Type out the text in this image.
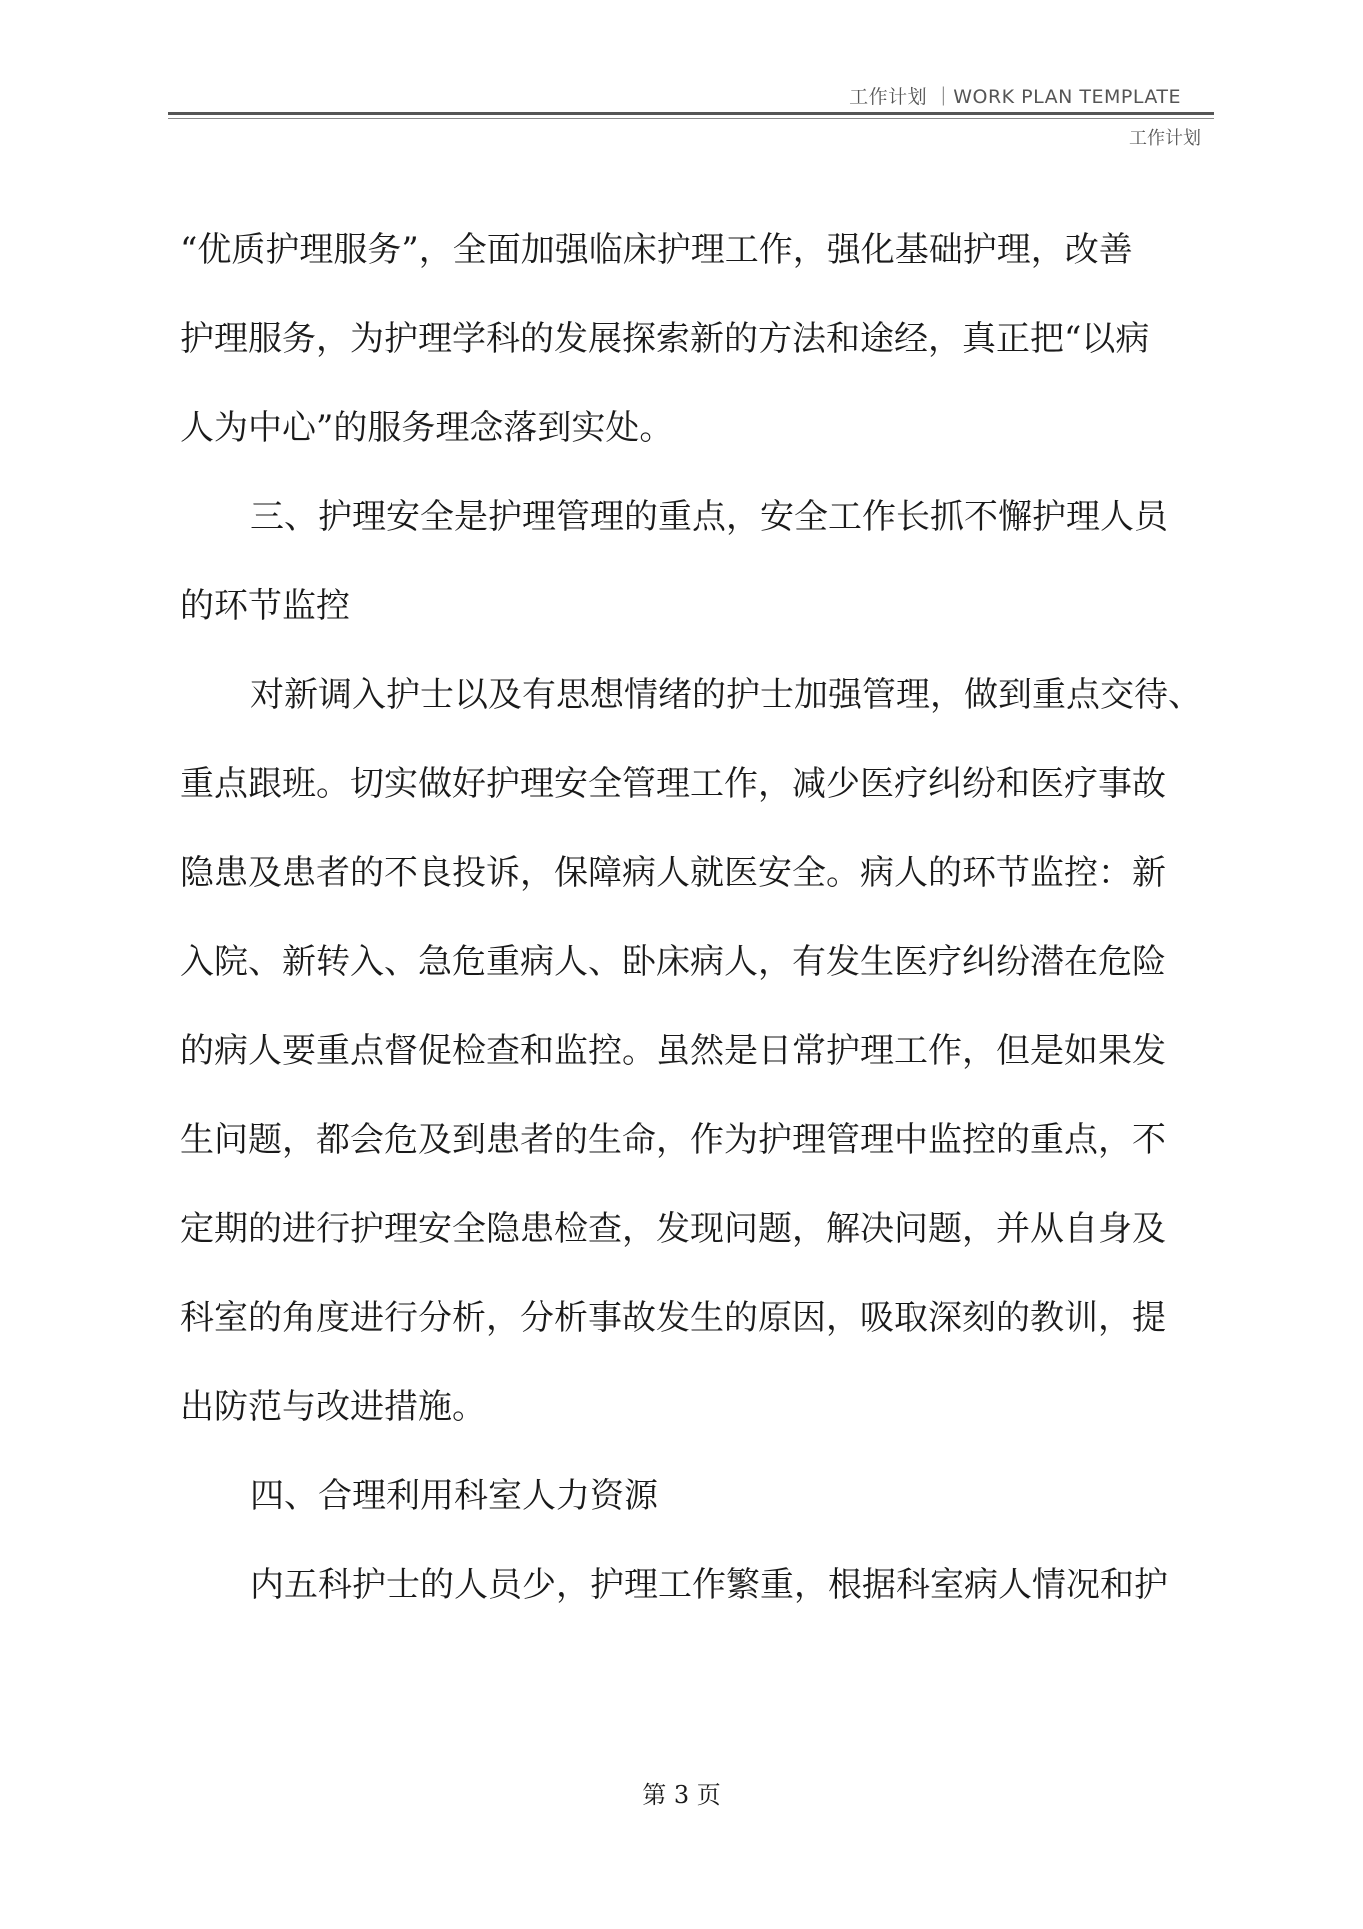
工作计划 ｜WORK PLAN TEMPLATE
工作计划
“优质护理服务”，全面加强临床护理工作，强化基础护理，改善
护理服务，为护理学科的发展探索新的方法和途经，真正把“以病
人为中心”的服务理念落到实处。
三、护理安全是护理管理的重点，安全工作长抓不懈护理人员
的环节监控
对新调入护士以及有思想情绪的护士加强管理，做到重点交待、
重点跟班。切实做好护理安全管理工作，减少医疗纠纷和医疗事故
隐患及患者的不良投诉，保障病人就医安全。病人的环节监控：新
入院、新转入、急危重病人、卧床病人，有发生医疗纠纷潜在危险
的病人要重点督促检查和监控。虽然是日常护理工作，但是如果发
生问题，都会危及到患者的生命，作为护理管理中监控的重点，不
定期的进行护理安全隐患检查，发现问题，解决问题，并从自身及
科室的角度进行分析，分析事故发生的原因，吸取深刻的教训，提
出防范与改进措施。
四、合理利用科室人力资源
内五科护士的人员少，护理工作繁重，根据科室病人情况和护
第 3 页
